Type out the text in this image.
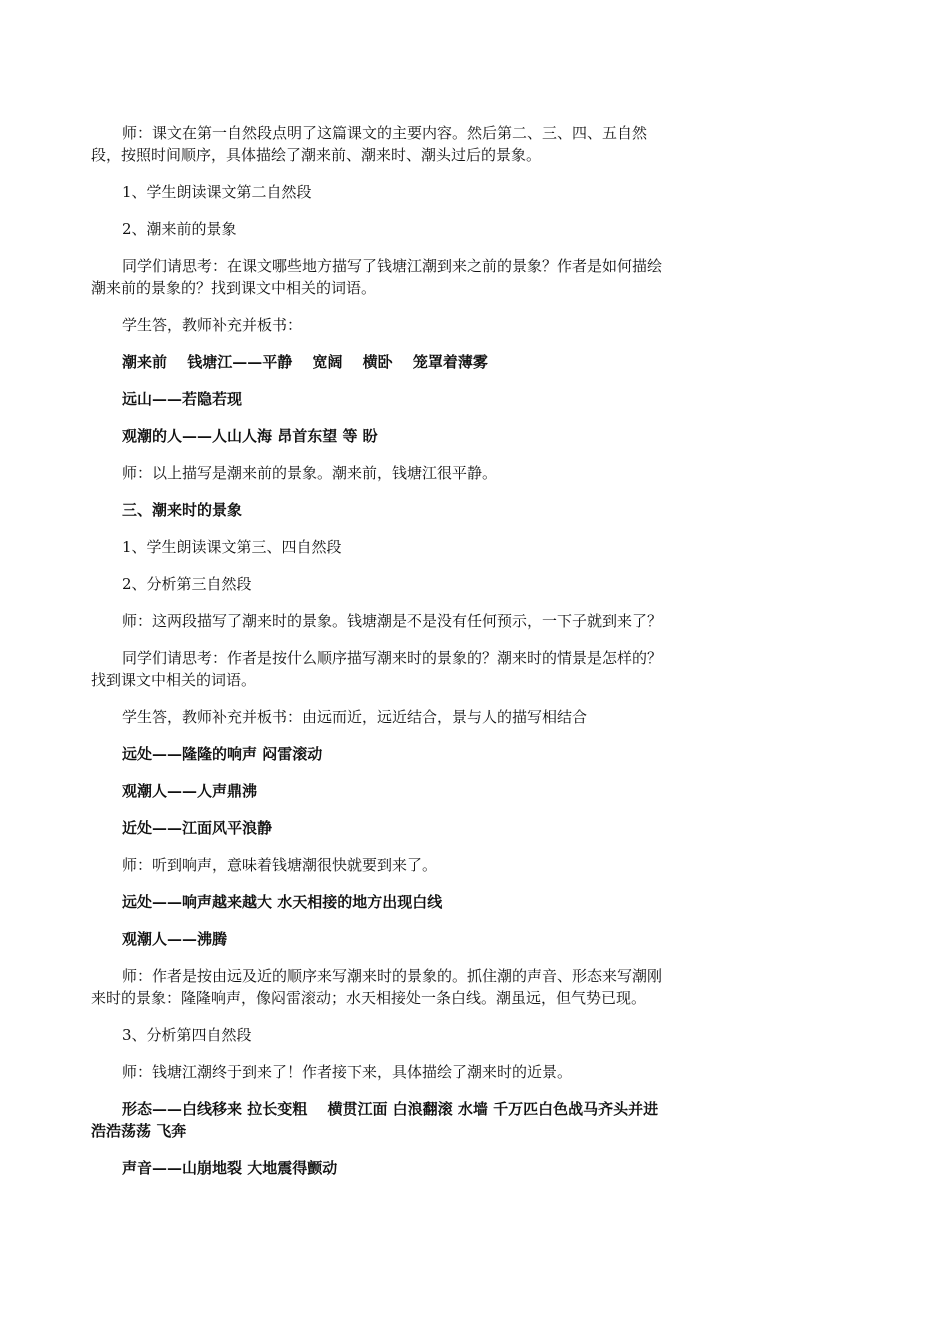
师：课文在第一自然段点明了这篇课文的主要内容。然后第二、三、四、五自然段，按照时间顺序，具体描绘了潮来前、潮来时、潮头过后的景象。

1、学生朗读课文第二自然段

2、潮来前的景象

同学们请思考：在课文哪些地方描写了钱塘江潮到来之前的景象？作者是如何描绘潮来前的景象的？找到课文中相关的词语。

学生答，教师补充并板书：

潮来前　 钱塘江——平静　 宽阔　 横卧　 笼罩着薄雾

远山——若隐若现

观潮的人——人山人海 昂首东望 等 盼

师：以上描写是潮来前的景象。潮来前，钱塘江很平静。

三、潮来时的景象

1、学生朗读课文第三、四自然段

2、分析第三自然段

师：这两段描写了潮来时的景象。钱塘潮是不是没有任何预示，一下子就到来了？

同学们请思考：作者是按什么顺序描写潮来时的景象的？潮来时的情景是怎样的？找到课文中相关的词语。

学生答，教师补充并板书：由远而近，远近结合，景与人的描写相结合

远处——隆隆的响声 闷雷滚动

观潮人——人声鼎沸

近处——江面风平浪静

师：听到响声，意味着钱塘潮很快就要到来了。

远处——响声越来越大 水天相接的地方出现白线

观潮人——沸腾

师：作者是按由远及近的顺序来写潮来时的景象的。抓住潮的声音、形态来写潮刚来时的景象：隆隆响声，像闷雷滚动；水天相接处一条白线。潮虽远，但气势已现。

3、分析第四自然段

师：钱塘江潮终于到来了！作者接下来，具体描绘了潮来时的近景。

形态——白线移来 拉长变粗　 横贯江面 白浪翻滚 水墙 千万匹白色战马齐头并进　 浩浩荡荡 飞奔

声音——山崩地裂 大地震得颤动
